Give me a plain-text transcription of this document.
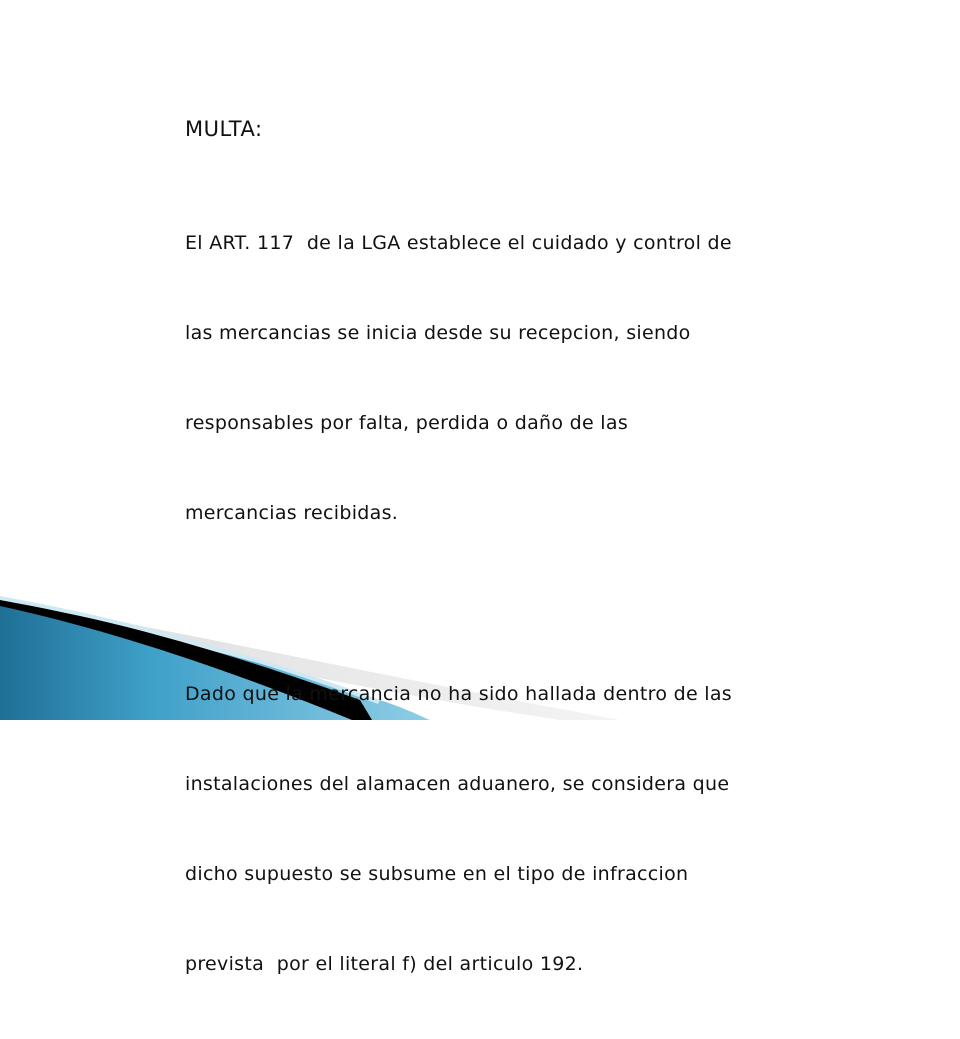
MULTA:

El ART. 117  de la LGA establece el cuidado y control de

las mercancias se inicia desde su recepcion, siendo

responsables por falta, perdida o daño de las

mercancias recibidas.

Dado que la mercancia no ha sido hallada dentro de las

instalaciones del alamacen aduanero, se considera que

dicho supuesto se subsume en el tipo de infraccion

prevista  por el literal f) del articulo 192.
